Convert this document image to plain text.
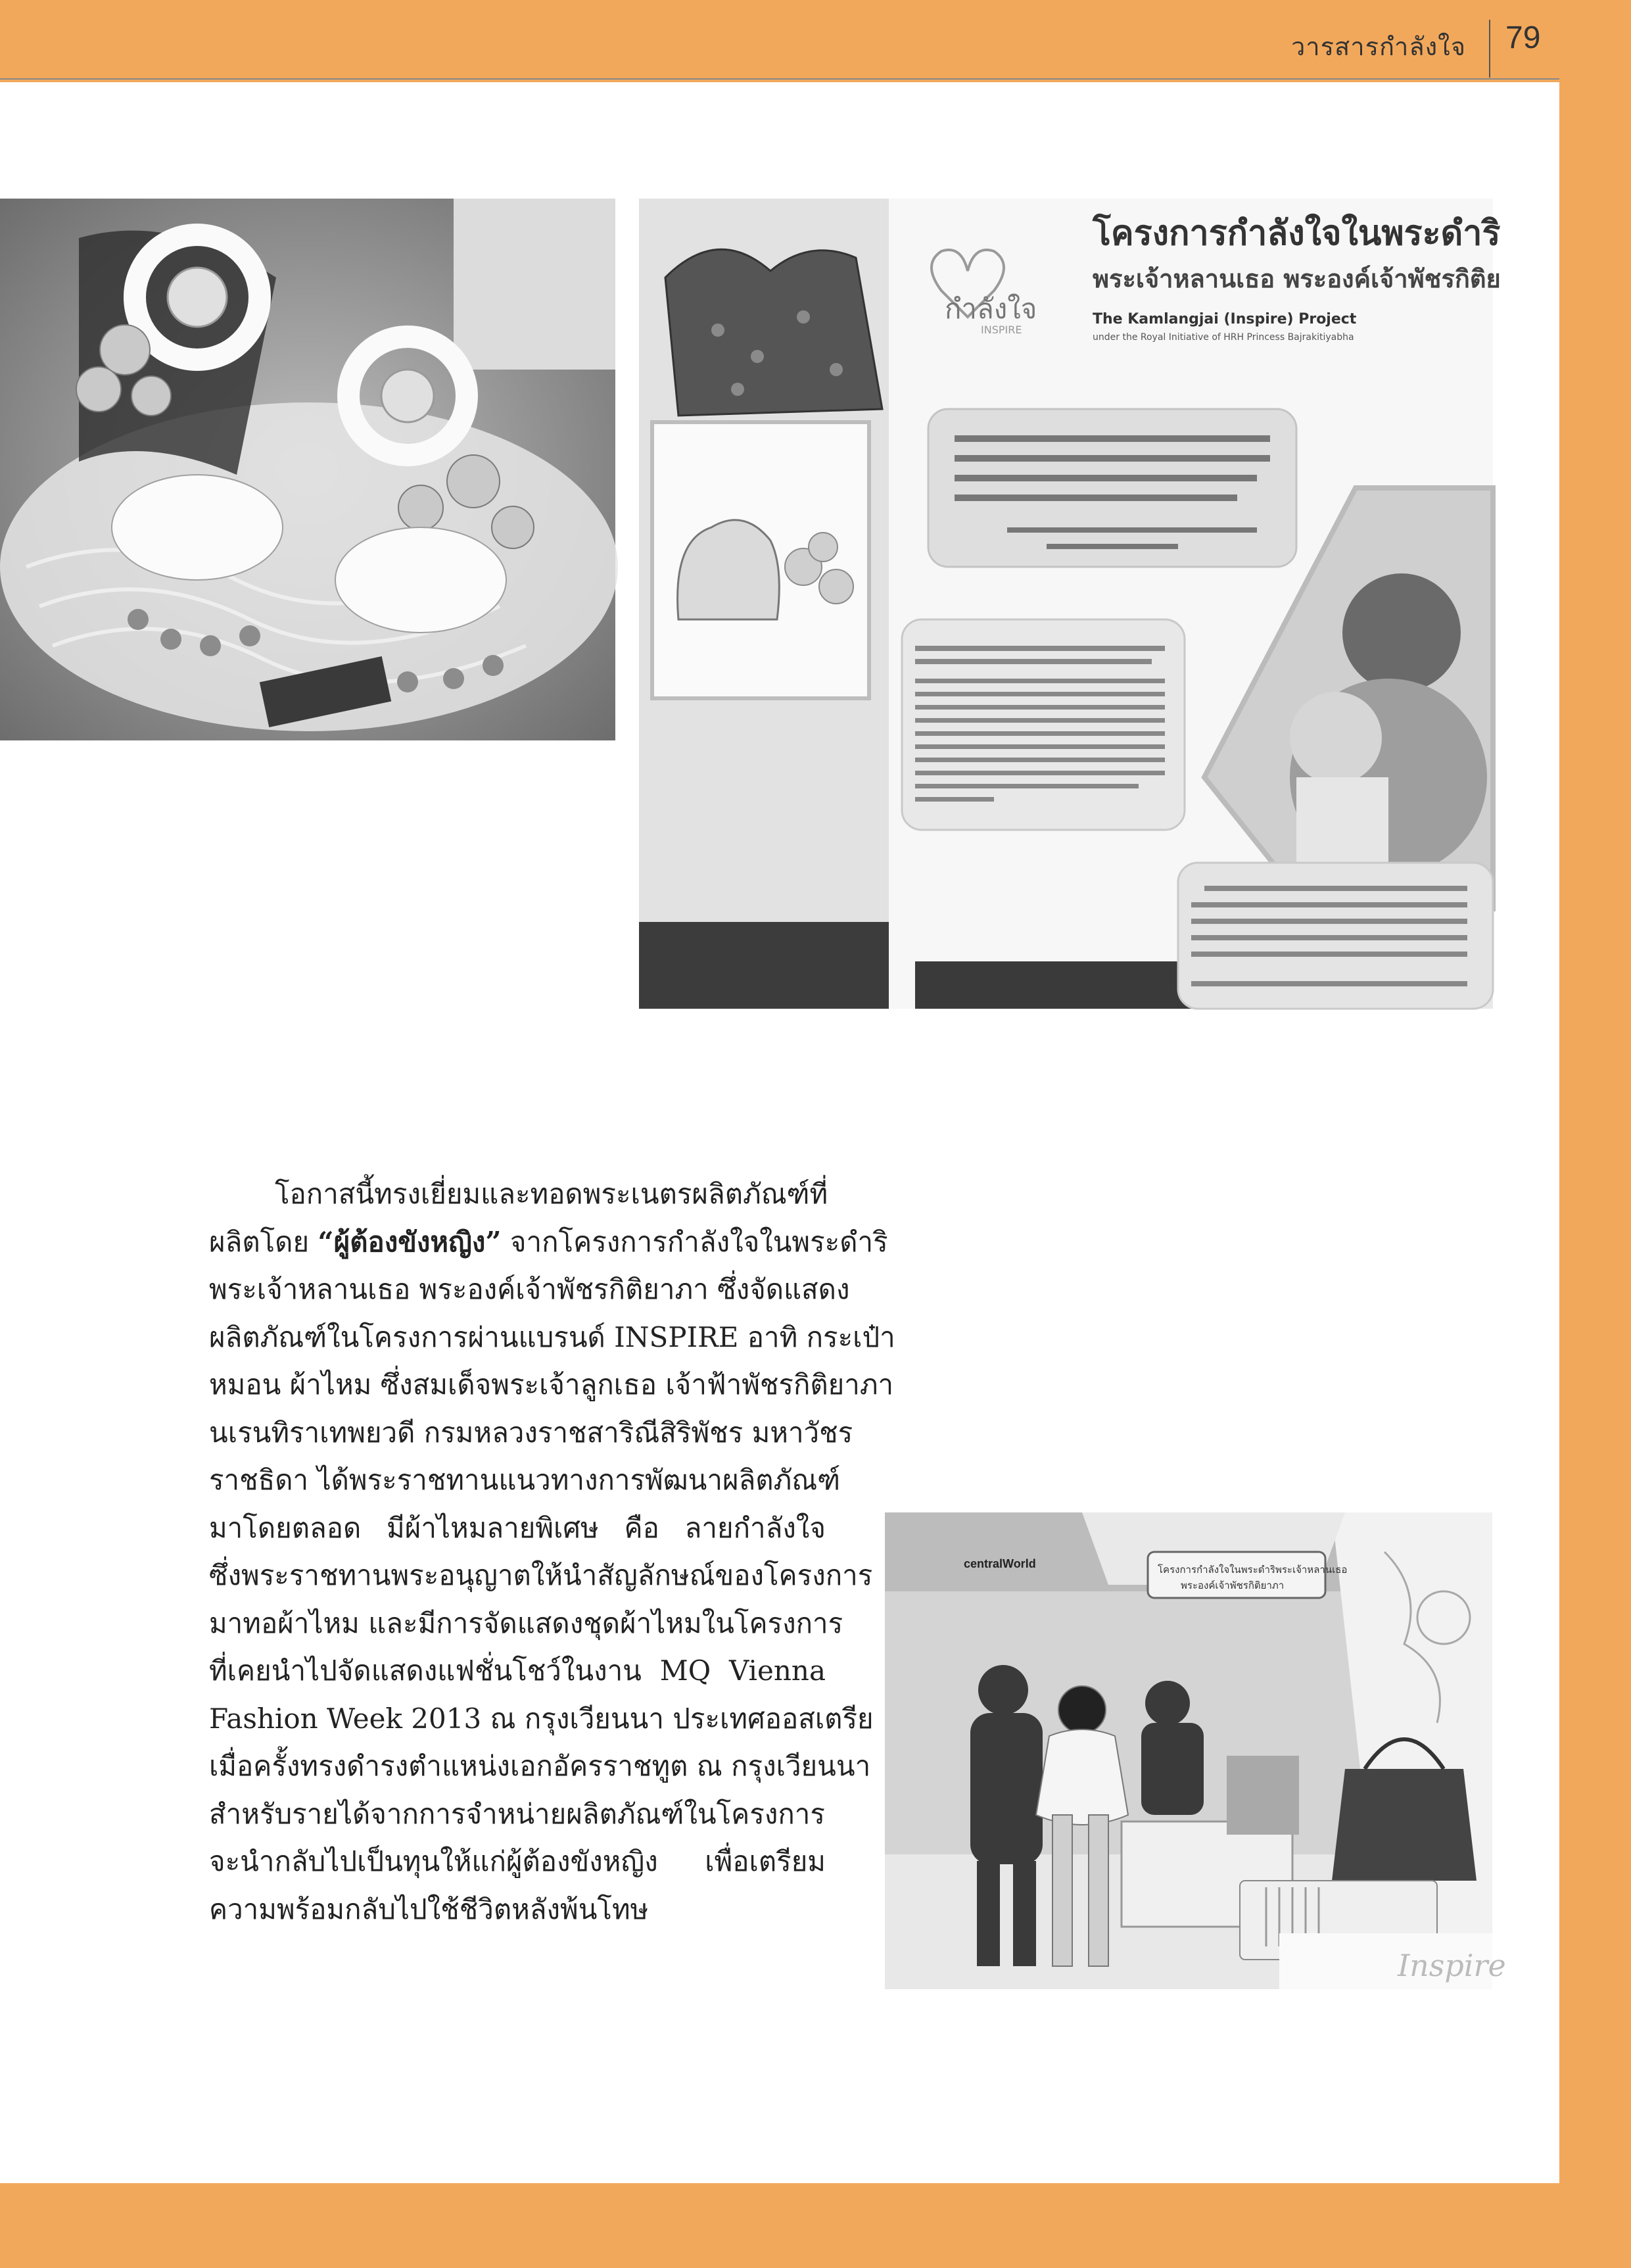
วารสารกำลังใจ 79
กำลังใจ
INSPIRE
โครงการกำลังใจในพระดำริ
พระเจ้าหลานเธอ พระองค์เจ้าพัชรกิติย
The Kamlangjai (Inspire) Project
under the Royal Initiative of HRH Princess Bajrakitiyabha
โครงการกำลังใจในพระดำริพระเจ้าหลานเธอ
พระองค์เจ้าพัชรกิติยาภา
centralWorld
Inspire
โอกาสนี้ทรงเยี่ยมและทอดพระเนตรผลิตภัณฑ์ที่
ผลิตโดย “ผู้ต้องขังหญิง” จากโครงการกำลังใจในพระดำริ
พระเจ้าหลานเธอ พระองค์เจ้าพัชรกิติยาภา ซึ่งจัดแสดง
ผลิตภัณฑ์ในโครงการผ่านแบรนด์ INSPIRE อาทิ กระเป๋า
หมอน ผ้าไหม ซึ่งสมเด็จพระเจ้าลูกเธอ เจ้าฟ้าพัชรกิติยาภา
นเรนทิราเทพยวดี กรมหลวงราชสาริณีสิริพัชร มหาวัชร
ราชธิดา ได้พระราชทานแนวทางการพัฒนาผลิตภัณฑ์
มาโดยตลอด มีผ้าไหมลายพิเศษ คือ ลายกำลังใจ
ซึ่งพระราชทานพระอนุญาตให้นำสัญลักษณ์ของโครงการ
มาทอผ้าไหม และมีการจัดแสดงชุดผ้าไหมในโครงการ
ที่เคยนำไปจัดแสดงแฟชั่นโชว์ในงาน MQ Vienna
Fashion Week 2013 ณ กรุงเวียนนา ประเทศออสเตรีย
เมื่อครั้งทรงดำรงตำแหน่งเอกอัครราชทูต ณ กรุงเวียนนา
สำหรับรายได้จากการจำหน่ายผลิตภัณฑ์ในโครงการ
จะนำกลับไปเป็นทุนให้แก่ผู้ต้องขังหญิง เพื่อเตรียม
ความพร้อมกลับไปใช้ชีวิตหลังพ้นโทษ
